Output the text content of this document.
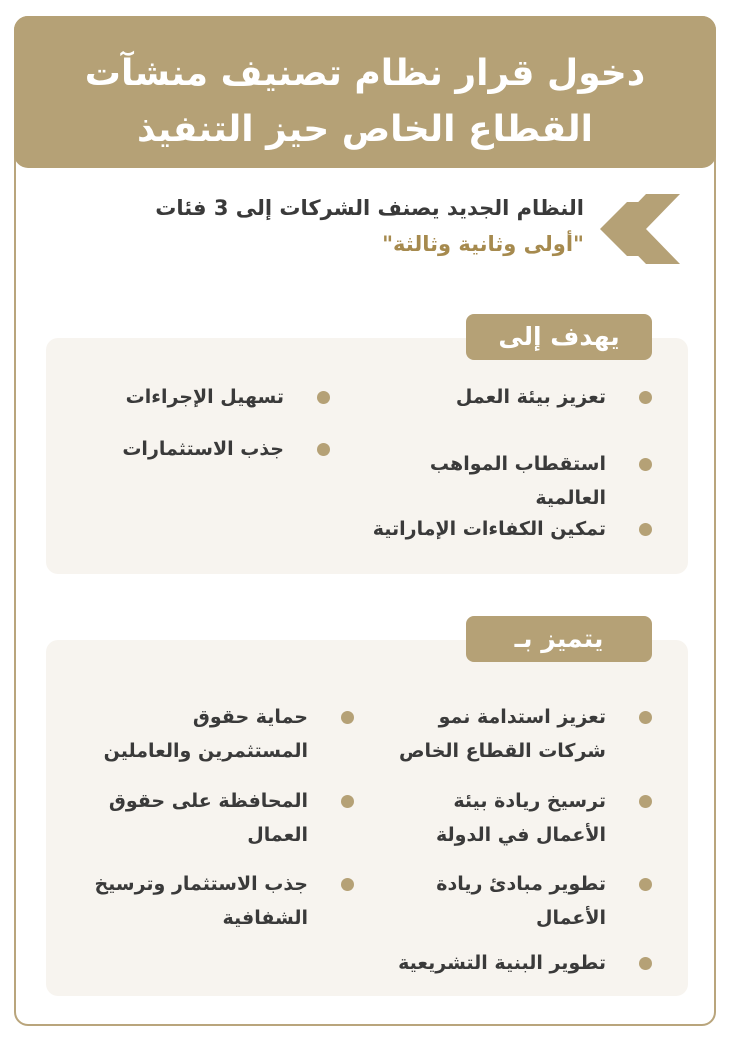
دخول قرار نظام تصنيف منشآت
القطاع الخاص حيز التنفيذ
النظام الجديد يصنف الشركات إلى 3 فئات
"أولى وثانية وثالثة"
يهدف إلى
تعزيز بيئة العمل
استقطاب المواهب
العالمية
تمكين الكفاءات الإماراتية
تسهيل الإجراءات
جذب الاستثمارات
يتميز بـ
تعزيز استدامة نمو
شركات القطاع الخاص
ترسيخ ريادة بيئة
الأعمال في الدولة
تطوير مبادئ ريادة
الأعمال
تطوير البنية التشريعية
حماية حقوق
المستثمرين والعاملين
المحافظة على حقوق
العمال
جذب الاستثمار وترسيخ
الشفافية
